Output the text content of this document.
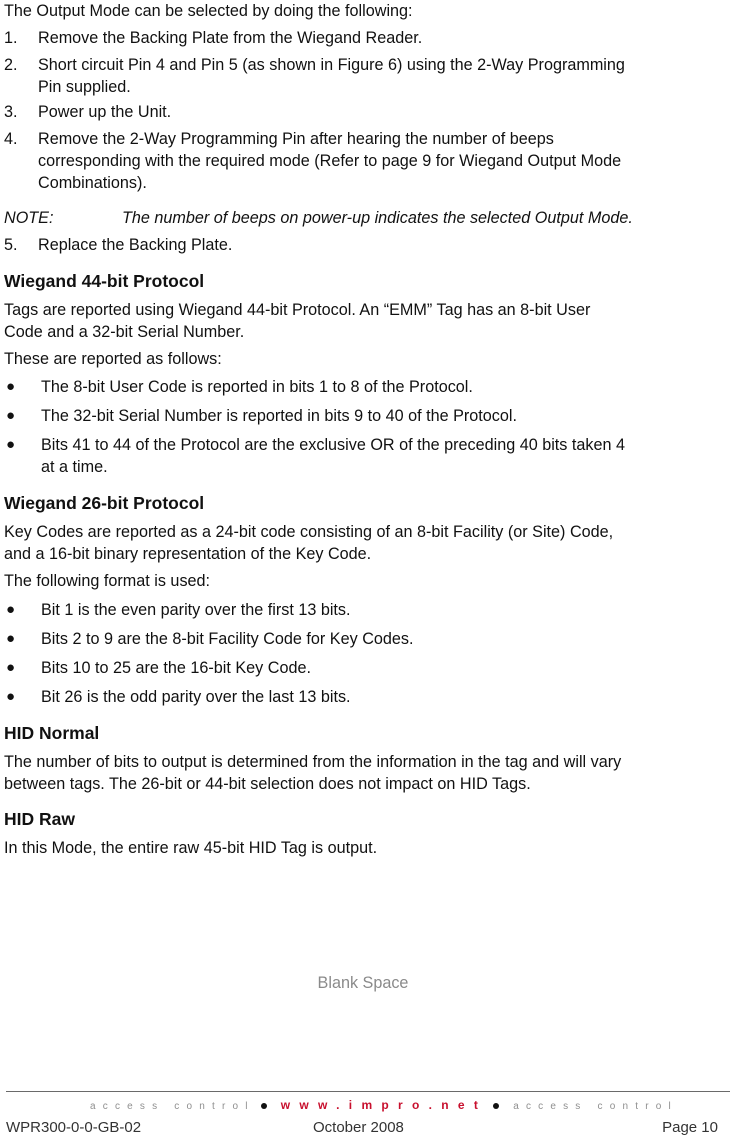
The Output Mode can be selected by doing the following:

1.	Remove the Backing Plate from the Wiegand Reader.

2.	Short circuit Pin 4 and Pin 5 (as shown in Figure 6) using the 2-Way Programming
Pin supplied.

3.	Power up the Unit.

4.	Remove the 2-Way Programming Pin after hearing the number of beeps
corresponding with the required mode (Refer to page 9 for Wiegand Output Mode
Combinations).

NOTE:	The number of beeps on power-up indicates the selected Output Mode.
5.	Replace the Backing Plate.

Wiegand 44-bit Protocol

Tags are reported using Wiegand 44-bit Protocol. An “EMM” Tag has an 8-bit User

Code and a 32-bit Serial Number.

These are reported as follows:

●	The 8-bit User Code is reported in bits 1 to 8 of the Protocol.

●	The 32-bit Serial Number is reported in bits 9 to 40 of the Protocol.

●	Bits 41 to 44 of the Protocol are the exclusive OR of the preceding 40 bits taken 4
at a time.

Wiegand 26-bit Protocol

Key Codes are reported as a 24-bit code consisting of an 8-bit Facility (or Site) Code,

and a 16-bit binary representation of the Key Code.

The following format is used:

●	Bit 1 is the even parity over the first 13 bits.

●	Bits 2 to 9 are the 8-bit Facility Code for Key Codes.

●	Bits 10 to 25 are the 16-bit Key Code.

●	Bit 26 is the odd parity over the last 13 bits.

HID Normal

The number of bits to output is determined from the information in the tag and will vary

between tags. The 26-bit or 44-bit selection does not impact on HID Tags.

HID Raw

In this Mode, the entire raw 45-bit HID Tag is output.

Blank Space
access control www.impro.net	access control
WPR300-0-0-GB-02	October 2008	Page 10
